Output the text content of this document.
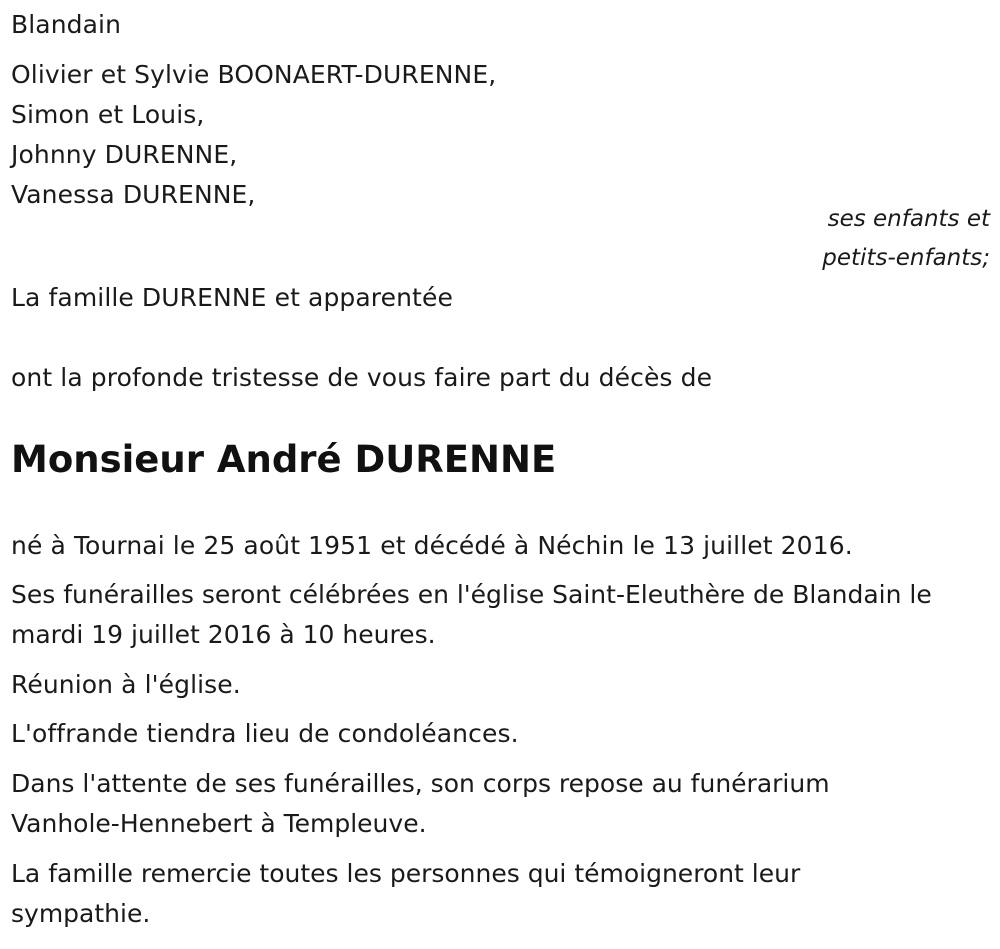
Blandain
Olivier et Sylvie BOONAERT-DURENNE,
Simon et Louis,
Johnny DURENNE,
Vanessa DURENNE,
ses enfants et
petits-enfants;
La famille DURENNE et apparentée
ont la profonde tristesse de vous faire part du décès de
Monsieur André DURENNE
né à Tournai le 25 août 1951 et décédé à Néchin le 13 juillet 2016.
Ses funérailles seront célébrées en l'église Saint-Eleuthère de Blandain le mardi 19 juillet 2016 à 10 heures.
Réunion à l'église.
L'offrande tiendra lieu de condoléances.
Dans l'attente de ses funérailles, son corps repose au funérarium Vanhole-Hennebert à Templeuve.
La famille remercie toutes les personnes qui témoigneront leur sympathie.
